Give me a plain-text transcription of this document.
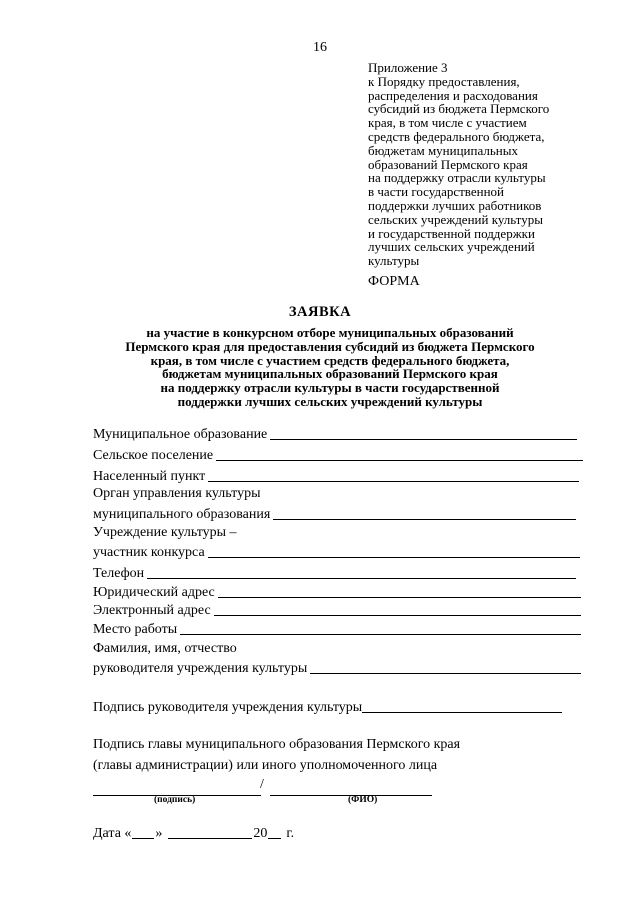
16
Приложение 3
к Порядку предоставления,
распределения и расходования
субсидий из бюджета Пермского
края, в том числе с участием
средств федерального бюджета,
бюджетам муниципальных
образований Пермского края
на поддержку отрасли культуры
в части государственной
поддержки лучших работников
сельских учреждений культуры
и государственной поддержки
лучших сельских учреждений
культуры
ФОРМА
ЗАЯВКА
на участие в конкурсном отборе муниципальных образований
Пермского края для предоставления субсидий из бюджета Пермского
края, в том числе с участием средств федерального бюджета,
бюджетам муниципальных образований Пермского края
на поддержку отрасли культуры в части государственной
поддержки лучших сельских учреждений культуры
Муниципальное образование
Сельское поселение
Населенный пункт
Орган управления культуры
муниципального образования
Учреждение культуры –
участник конкурса
Телефон
Юридический адрес
Электронный адрес
Место работы
Фамилия, имя, отчество
руководителя учреждения культуры
Подпись руководителя учреждения культуры
Подпись главы муниципального образования Пермского края
(главы администрации) или иного уполномоченного лица
/
(подпись)	(ФИО)
Дата « »	20 г.
